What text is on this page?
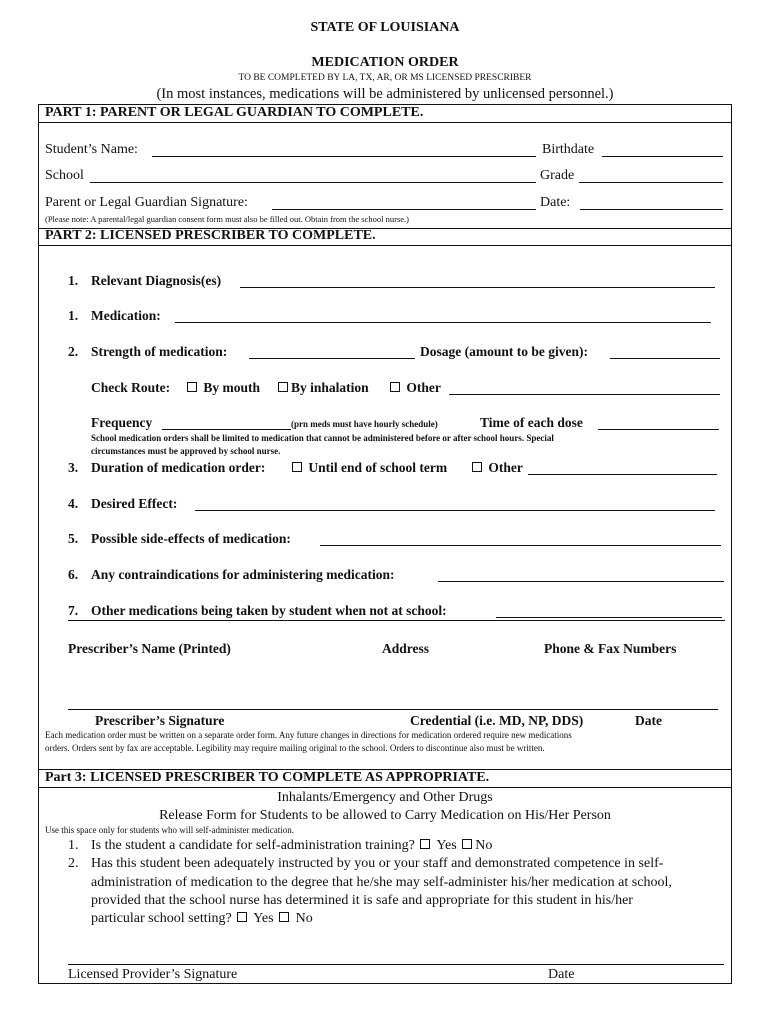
STATE OF LOUISIANA
MEDICATION ORDER
TO BE COMPLETED BY LA, TX, AR, OR MS LICENSED PRESCRIBER
(In most instances, medications will be administered by unlicensed personnel.)
PART 1: PARENT OR LEGAL GUARDIAN TO COMPLETE.
Student’s Name:	Birthdate
School	Grade
Parent or Legal Guardian Signature:	Date:
(Please note: A parental/legal guardian consent form must also be filled out. Obtain from the school nurse.)
PART 2: LICENSED PRESCRIBER TO COMPLETE.
1. Relevant Diagnosis(es)
1. Medication:
2. Strength of medication:	Dosage (amount to be given):
Check Route:	By mouth	By inhalation	Other
Frequency	(prn meds must have hourly schedule)	Time of each dose
School medication orders shall be limited to medication that cannot be administered before or after school hours. Special
circumstances must be approved by school nurse.
3. Duration of medication order:	Until end of school term	Other
4. Desired Effect:
5. Possible side-effects of medication:
6. Any contraindications for administering medication:
7. Other medications being taken by student when not at school:
Prescriber’s Name (Printed)	Address	Phone & Fax Numbers
Prescriber’s Signature	Credential (i.e. MD, NP, DDS)	Date
Each medication order must be written on a separate order form. Any future changes in directions for medication ordered require new medications
orders. Orders sent by fax are acceptable. Legibility may require mailing original to the school. Orders to discontinue also must be written.
Part 3: LICENSED PRESCRIBER TO COMPLETE AS APPROPRIATE.
Inhalants/Emergency and Other Drugs
Release Form for Students to be allowed to Carry Medication on His/Her Person
Use this space only for students who will self-administer medication.
1. Is the student a candidate for self-administration training? Yes No
2. Has this student been adequately instructed by you or your staff and demonstrated competence in self-
administration of medication to the degree that he/she may self-administer his/her medication at school,
provided that the school nurse has determined it is safe and appropriate for this student in his/her
particular school setting? Yes No
Licensed Provider’s Signature	Date
